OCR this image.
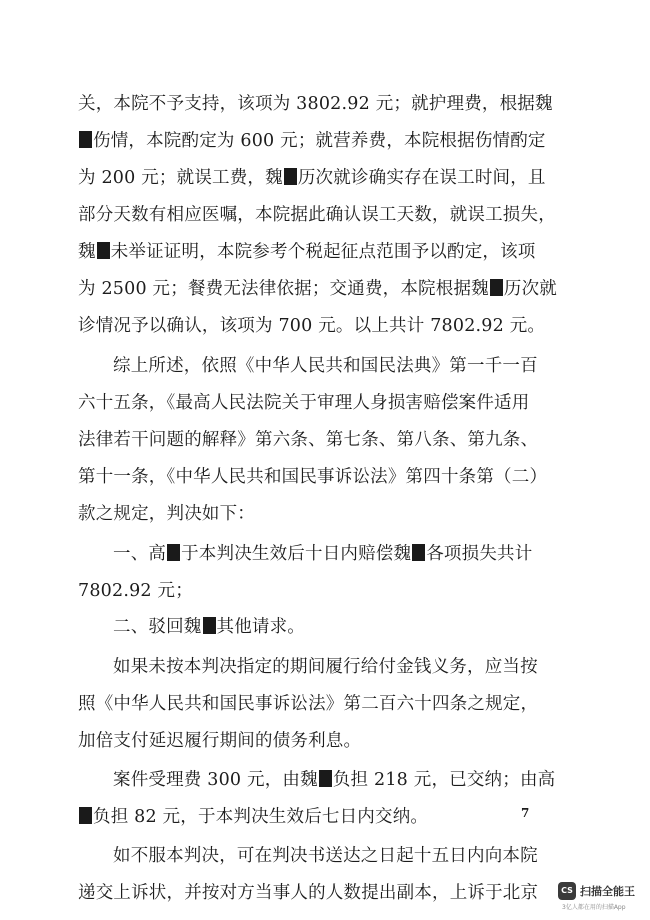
关，本院不予支持，该项为 3802.92 元；就护理费，根据魏
伤情，本院酌定为 600 元；就营养费，本院根据伤情酌定
为 200 元；就误工费，魏 历次就诊确实存在误工时间，且
部分天数有相应医嘱，本院据此确认误工天数，就误工损失，
魏 未举证证明，本院参考个税起征点范围予以酌定，该项
为 2500 元；餐费无法律依据；交通费，本院根据魏 历次就
诊情况予以确认，该项为 700 元。以上共计 7802.92 元。
综上所述，依照《中华人民共和国民法典》第一千一百
六十五条，《最高人民法院关于审理人身损害赔偿案件适用
法律若干问题的解释》第六条、第七条、第八条、第九条、
第十一条，《中华人民共和国民事诉讼法》第四十条第（二）
款之规定，判决如下：
一、高 于本判决生效后十日内赔偿魏 各项损失共计
7802.92 元；
二、驳回魏 其他请求。
如果未按本判决指定的期间履行给付金钱义务，应当按
照《中华人民共和国民事诉讼法》第二百六十四条之规定，
加倍支付延迟履行期间的债务利息。
案件受理费 300 元，由魏 负担 218 元，已交纳；由高
负担 82 元，于本判决生效后七日内交纳。
如不服本判决，可在判决书送达之日起十五日内向本院
递交上诉状，并按对方当事人的人数提出副本，上诉于北京
7
CS 扫描全能王
3亿人都在用的扫描App
